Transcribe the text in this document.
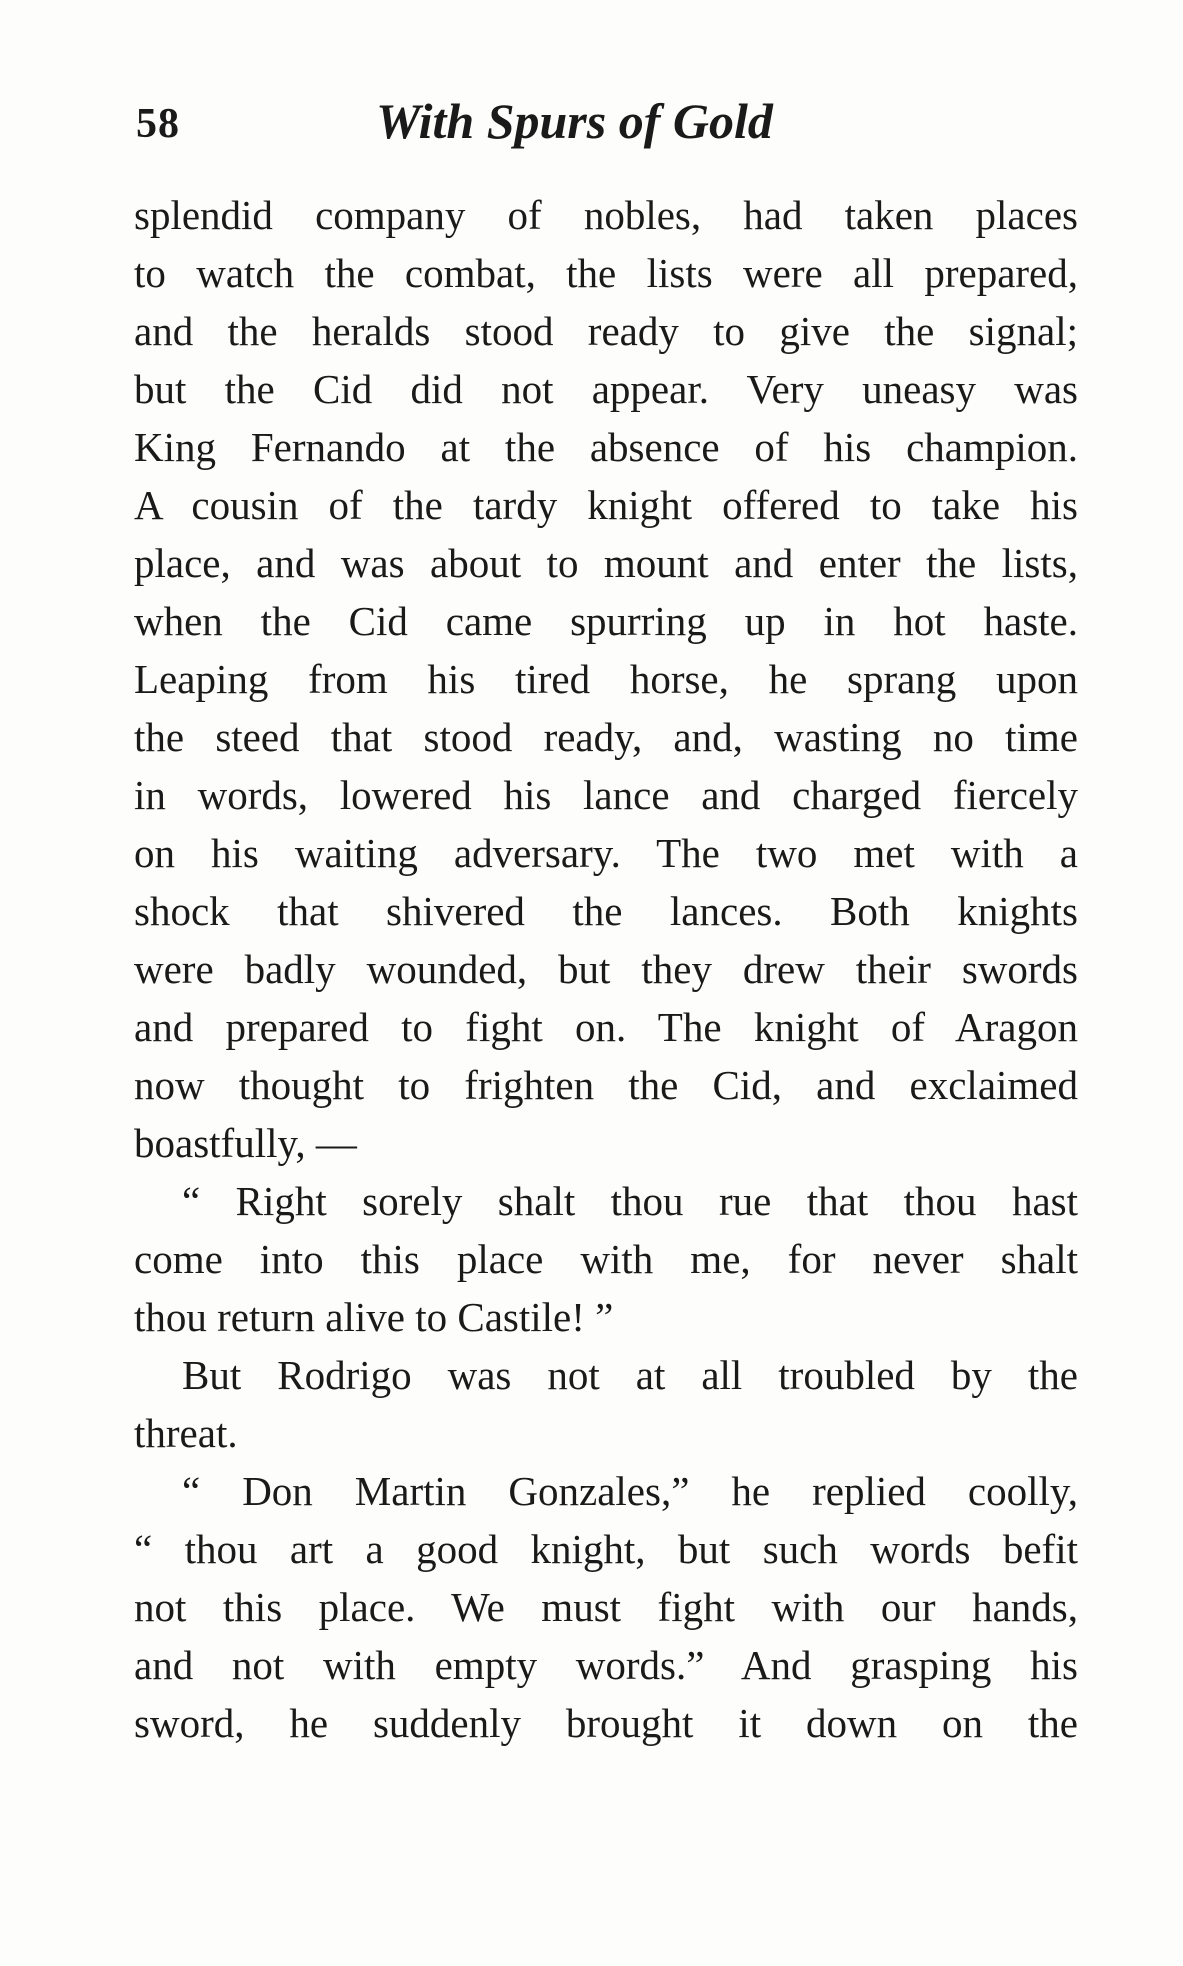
58	With Spurs of Gold
splendid company of nobles, had taken places
to watch the combat, the lists were all prepared,
and the heralds stood ready to give the signal;
but the Cid did not appear. Very uneasy was
King Fernando at the absence of his champion.
A cousin of the tardy knight offered to take his
place, and was about to mount and enter the lists,
when the Cid came spurring up in hot haste.
Leaping from his tired horse, he sprang upon
the steed that stood ready, and, wasting no time
in words, lowered his lance and charged fiercely
on his waiting adversary. The two met with a
shock that shivered the lances. Both knights
were badly wounded, but they drew their swords
and prepared to fight on. The knight of Aragon
now thought to frighten the Cid, and exclaimed
boastfully, —
“ Right sorely shalt thou rue that thou hast
come into this place with me, for never shalt
thou return alive to Castile! ”
But Rodrigo was not at all troubled by the
threat.
“ Don Martin Gonzales,” he replied coolly,
“ thou art a good knight, but such words befit
not this place. We must fight with our hands,
and not with empty words.” And grasping his
sword, he suddenly brought it down on the
